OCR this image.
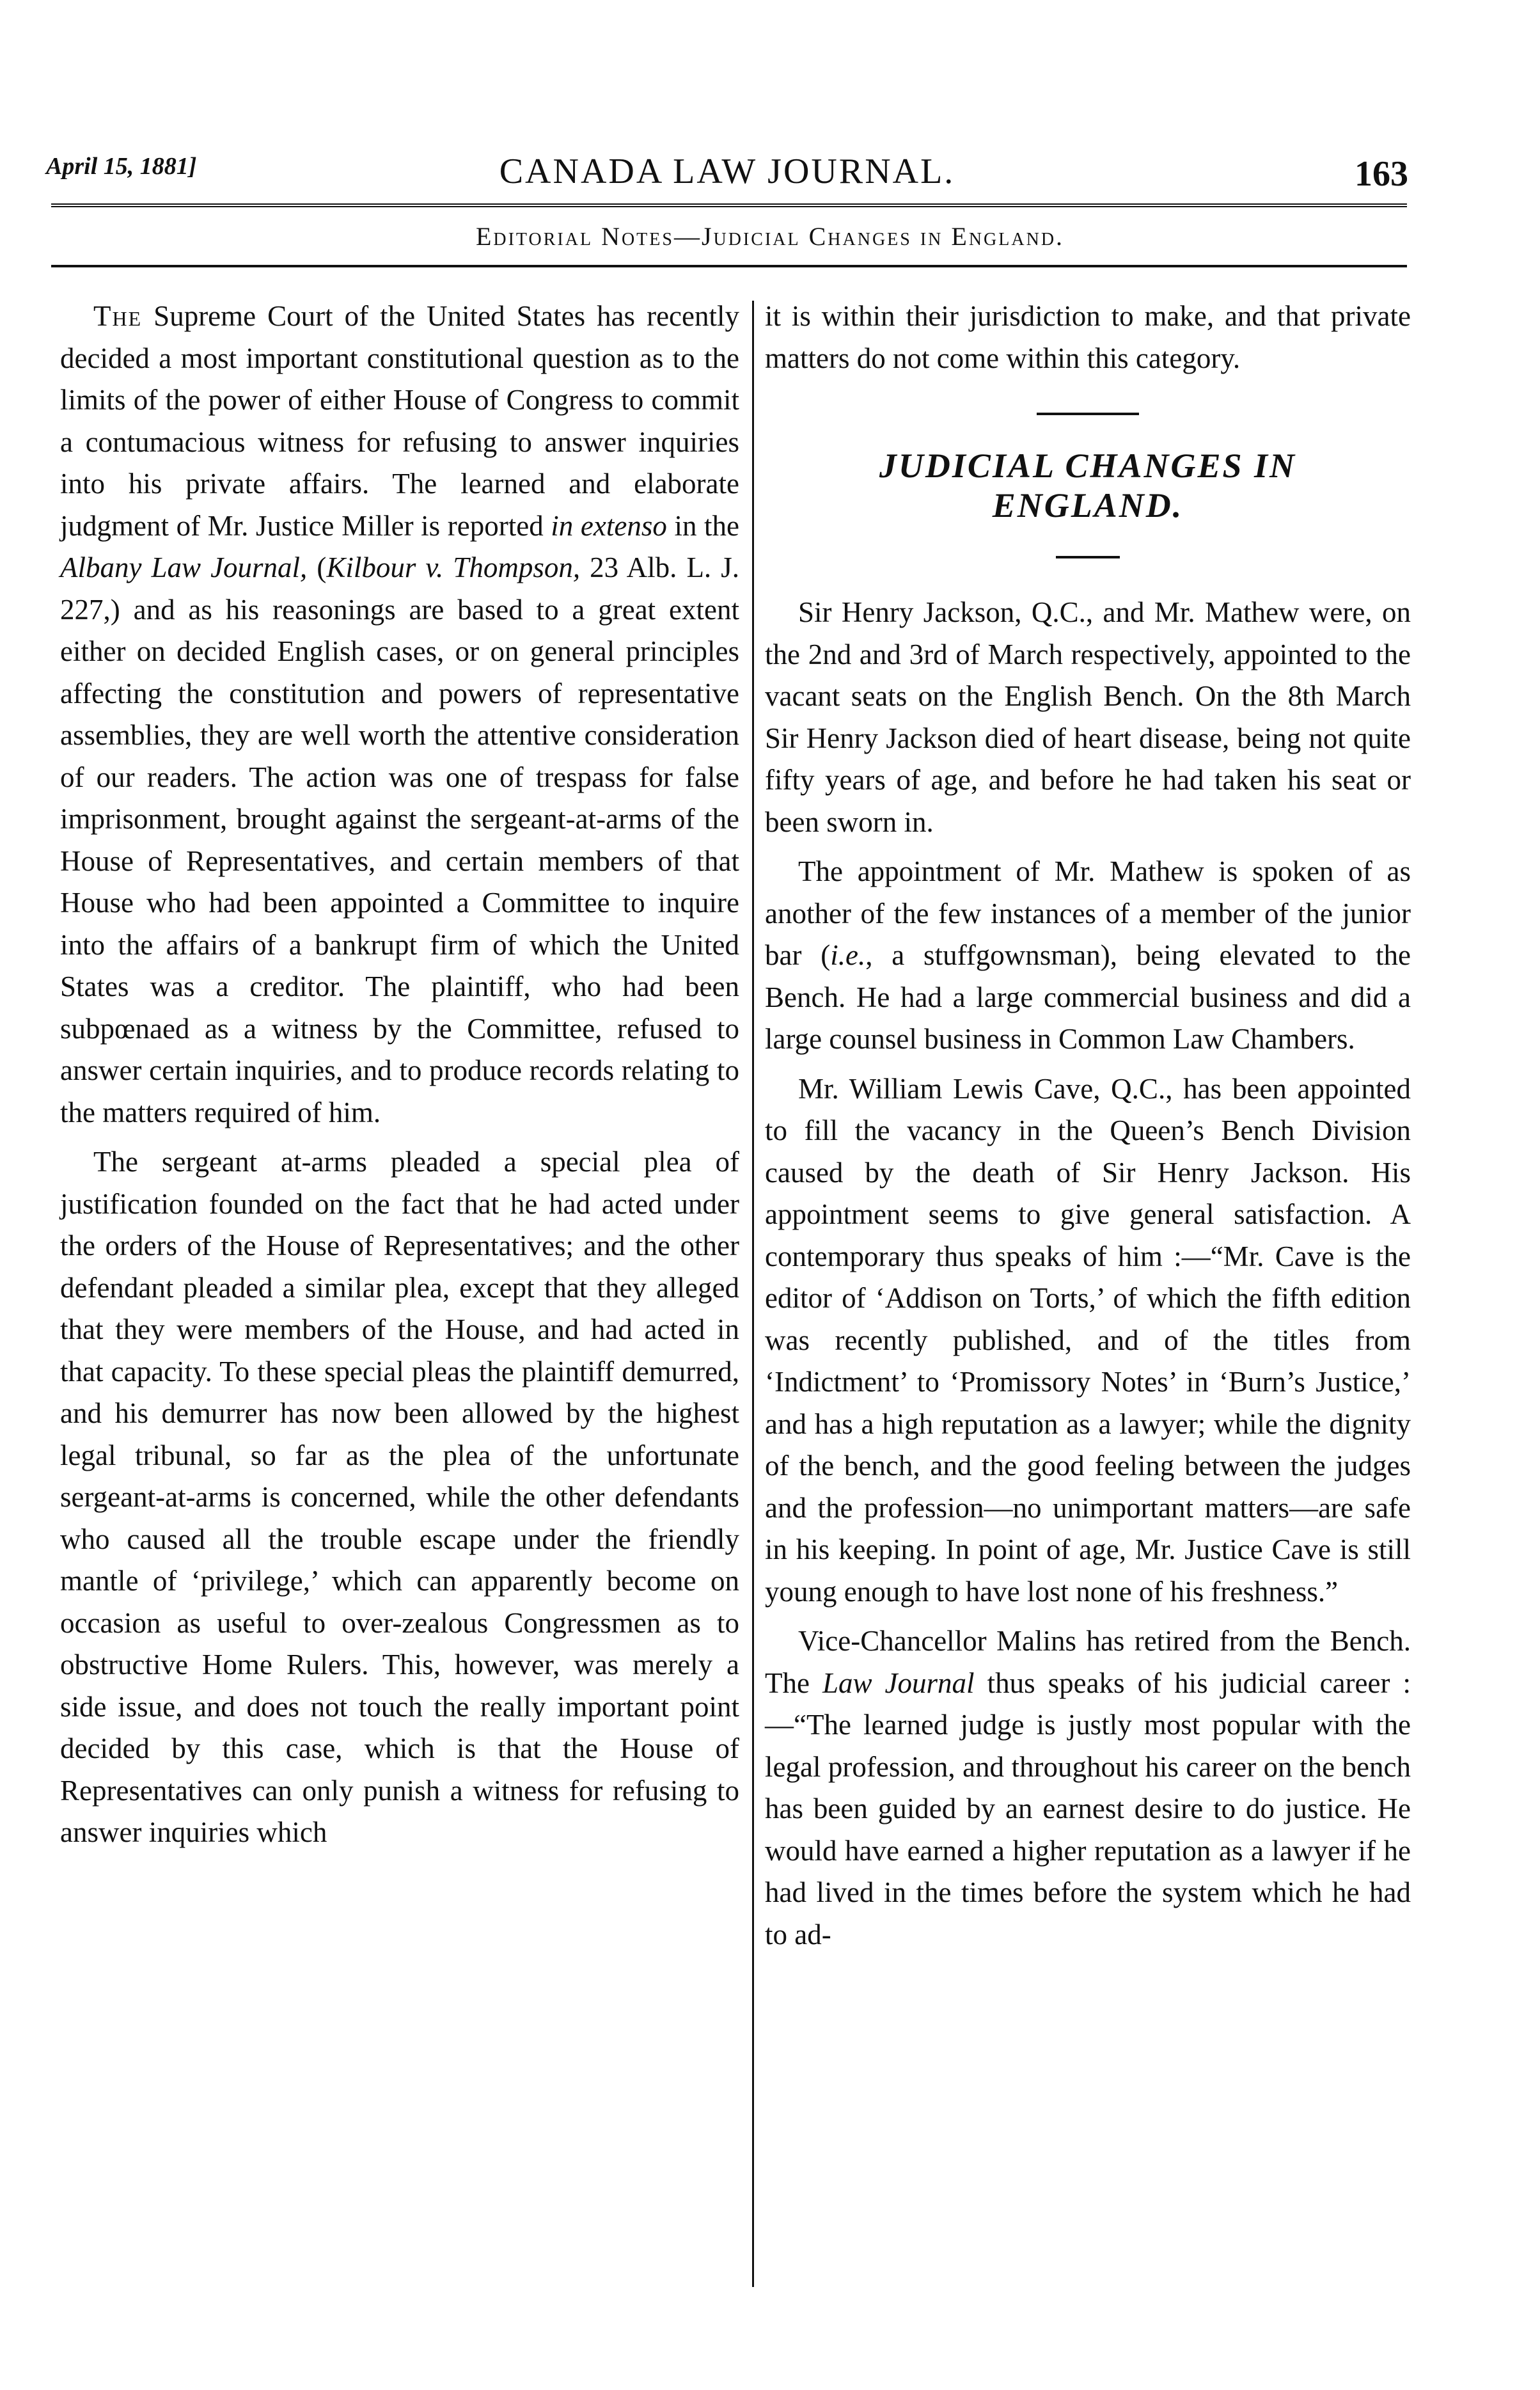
April 15, 1881]	CANADA LAW JOURNAL.	163
Editorial Notes—Judicial Changes in England.

The Supreme Court of the United States has recently decided a most important constitutional question as to the limits of the power of either House of Congress to commit a contumacious witness for refusing to answer inquiries into his private affairs. The learned and elaborate judgment of Mr. Justice Miller is reported in extenso in the Albany Law Journal, (Kilbour v. Thompson, 23 Alb. L. J. 227,) and as his reasonings are based to a great extent either on decided English cases, or on general principles affecting the constitution and powers of representative assemblies, they are well worth the attentive consideration of our readers. The action was one of trespass for false imprisonment, brought against the sergeant-at-arms of the House of Representatives, and certain members of that House who had been appointed a Committee to inquire into the affairs of a bankrupt firm of which the United States was a creditor. The plaintiff, who had been subpœnaed as a witness by the Committee, refused to answer certain inquiries, and to produce records relating to the matters required of him.

The sergeant at-arms pleaded a special plea of justification founded on the fact that he had acted under the orders of the House of Representatives; and the other defendant pleaded a similar plea, except that they alleged that they were members of the House, and had acted in that capacity. To these special pleas the plaintiff demurred, and his demurrer has now been allowed by the highest legal tribunal, so far as the plea of the unfortunate sergeant-at-arms is concerned, while the other defendants who caused all the trouble escape under the friendly mantle of ‘privilege,’ which can apparently become on occasion as useful to over-zealous Congressmen as to obstructive Home Rulers. This, however, was merely a side issue, and does not touch the really important point decided by this case, which is that the House of Representatives can only punish a witness for refusing to answer inquiries which

it is within their jurisdiction to make, and that private matters do not come within this category.

JUDICIAL CHANGES IN
ENGLAND.

Sir Henry Jackson, Q.C., and Mr. Mathew were, on the 2nd and 3rd of March respectively, appointed to the vacant seats on the English Bench. On the 8th March Sir Henry Jackson died of heart disease, being not quite fifty years of age, and before he had taken his seat or been sworn in.

The appointment of Mr. Mathew is spoken of as another of the few instances of a member of the junior bar (i.e., a stuffgownsman), being elevated to the Bench. He had a large commercial business and did a large counsel business in Common Law Chambers.

Mr. William Lewis Cave, Q.C., has been appointed to fill the vacancy in the Queen’s Bench Division caused by the death of Sir Henry Jackson. His appointment seems to give general satisfaction. A contemporary thus speaks of him :—“Mr. Cave is the editor of ‘Addison on Torts,’ of which the fifth edition was recently published, and of the titles from ‘Indictment’ to ‘Promissory Notes’ in ‘Burn’s Justice,’ and has a high reputation as a lawyer; while the dignity of the bench, and the good feeling between the judges and the profession—no unimportant matters—are safe in his keeping. In point of age, Mr. Justice Cave is still young enough to have lost none of his freshness.”

Vice-Chancellor Malins has retired from the Bench. The Law Journal thus speaks of his judicial career :—“The learned judge is justly most popular with the legal profession, and throughout his career on the bench has been guided by an earnest desire to do justice. He would have earned a higher reputation as a lawyer if he had lived in the times before the system which he had to ad-
